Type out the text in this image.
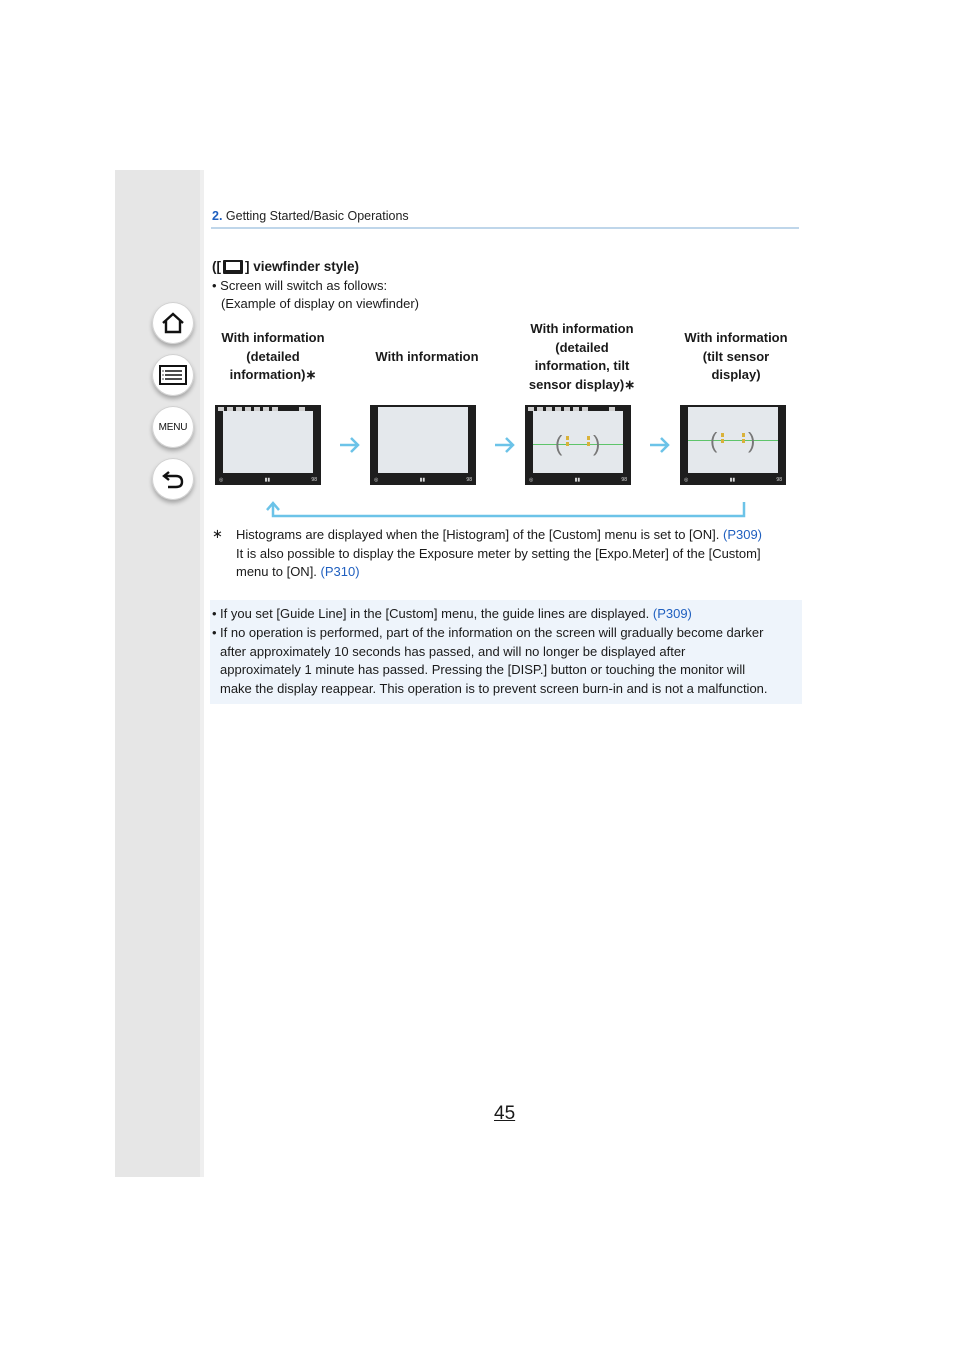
MENU
2. Getting Started/Basic Operations
([ ] viewfinder style)
• Screen will switch as follows:
(Example of display on viewfinder)
With information
(detailed
information)∗
With information
With information
(detailed
information, tilt
sensor display)∗
With information
(tilt sensor
display)
◎	▮▮	98	◎	▮▮	98
( )
◎	▮▮	98
( )
◎	▮▮	98
∗ Histograms are displayed when the [Histogram] of the [Custom] menu is set to [ON]. (P309)
It is also possible to display the Exposure meter by setting the [Expo.Meter] of the [Custom]
menu to [ON]. (P310)
• If you set [Guide Line] in the [Custom] menu, the guide lines are displayed. (P309)
• If no operation is performed, part of the information on the screen will gradually become darker
after approximately 10 seconds has passed, and will no longer be displayed after
approximately 1 minute has passed. Pressing the [DISP.] button or touching the monitor will
make the display reappear. This operation is to prevent screen burn-in and is not a malfunction.
45
